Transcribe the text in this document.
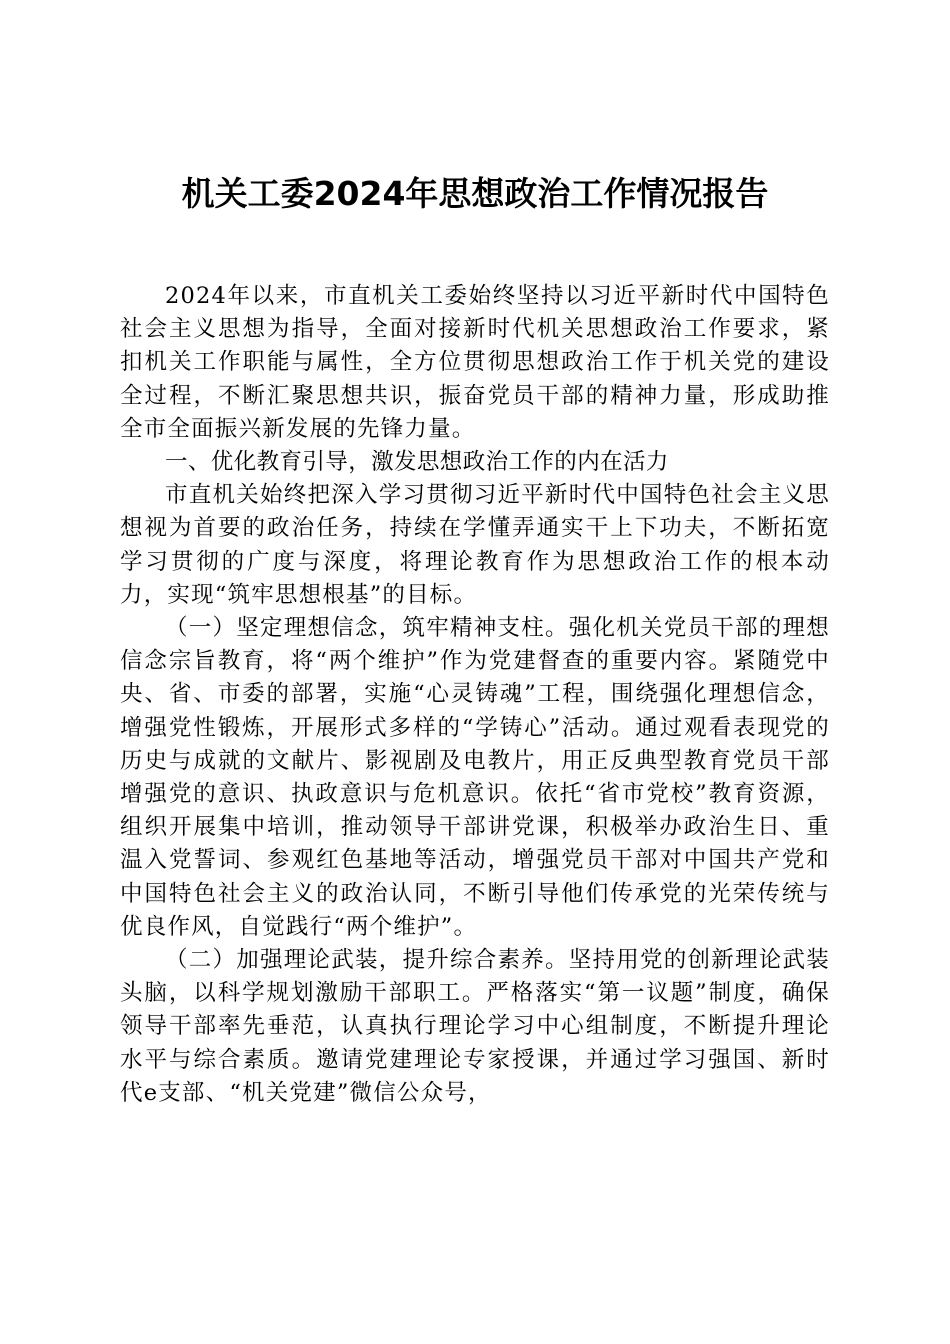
机关工委2024年思想政治工作情况报告

2024年以来，市直机关工委始终坚持以习近平新时代中国特色社会主义思想为指导，全面对接新时代机关思想政治工作要求，紧扣机关工作职能与属性，全方位贯彻思想政治工作于机关党的建设全过程，不断汇聚思想共识，振奋党员干部的精神力量，形成助推全市全面振兴新发展的先锋力量。

一、优化教育引导，激发思想政治工作的内在活力

市直机关始终把深入学习贯彻习近平新时代中国特色社会主义思想视为首要的政治任务，持续在学懂弄通实干上下功夫，不断拓宽学习贯彻的广度与深度，将理论教育作为思想政治工作的根本动力，实现“筑牢思想根基”的目标。

（一）坚定理想信念，筑牢精神支柱。强化机关党员干部的理想信念宗旨教育，将“两个维护”作为党建督查的重要内容。紧随党中央、省、市委的部署，实施“心灵铸魂”工程，围绕强化理想信念，增强党性锻炼，开展形式多样的“学铸心”活动。通过观看表现党的历史与成就的文献片、影视剧及电教片，用正反典型教育党员干部增强党的意识、执政意识与危机意识。依托“省市党校”教育资源，组织开展集中培训，推动领导干部讲党课，积极举办政治生日、重温入党誓词、参观红色基地等活动，增强党员干部对中国共产党和中国特色社会主义的政治认同，不断引导他们传承党的光荣传统与优良作风，自觉践行“两个维护”。

（二）加强理论武装，提升综合素养。坚持用党的创新理论武装头脑，以科学规划激励干部职工。严格落实“第一议题”制度，确保领导干部率先垂范，认真执行理论学习中心组制度，不断提升理论水平与综合素质。邀请党建理论专家授课，并通过学习强国、新时代e支部、“机关党建”微信公众号，
